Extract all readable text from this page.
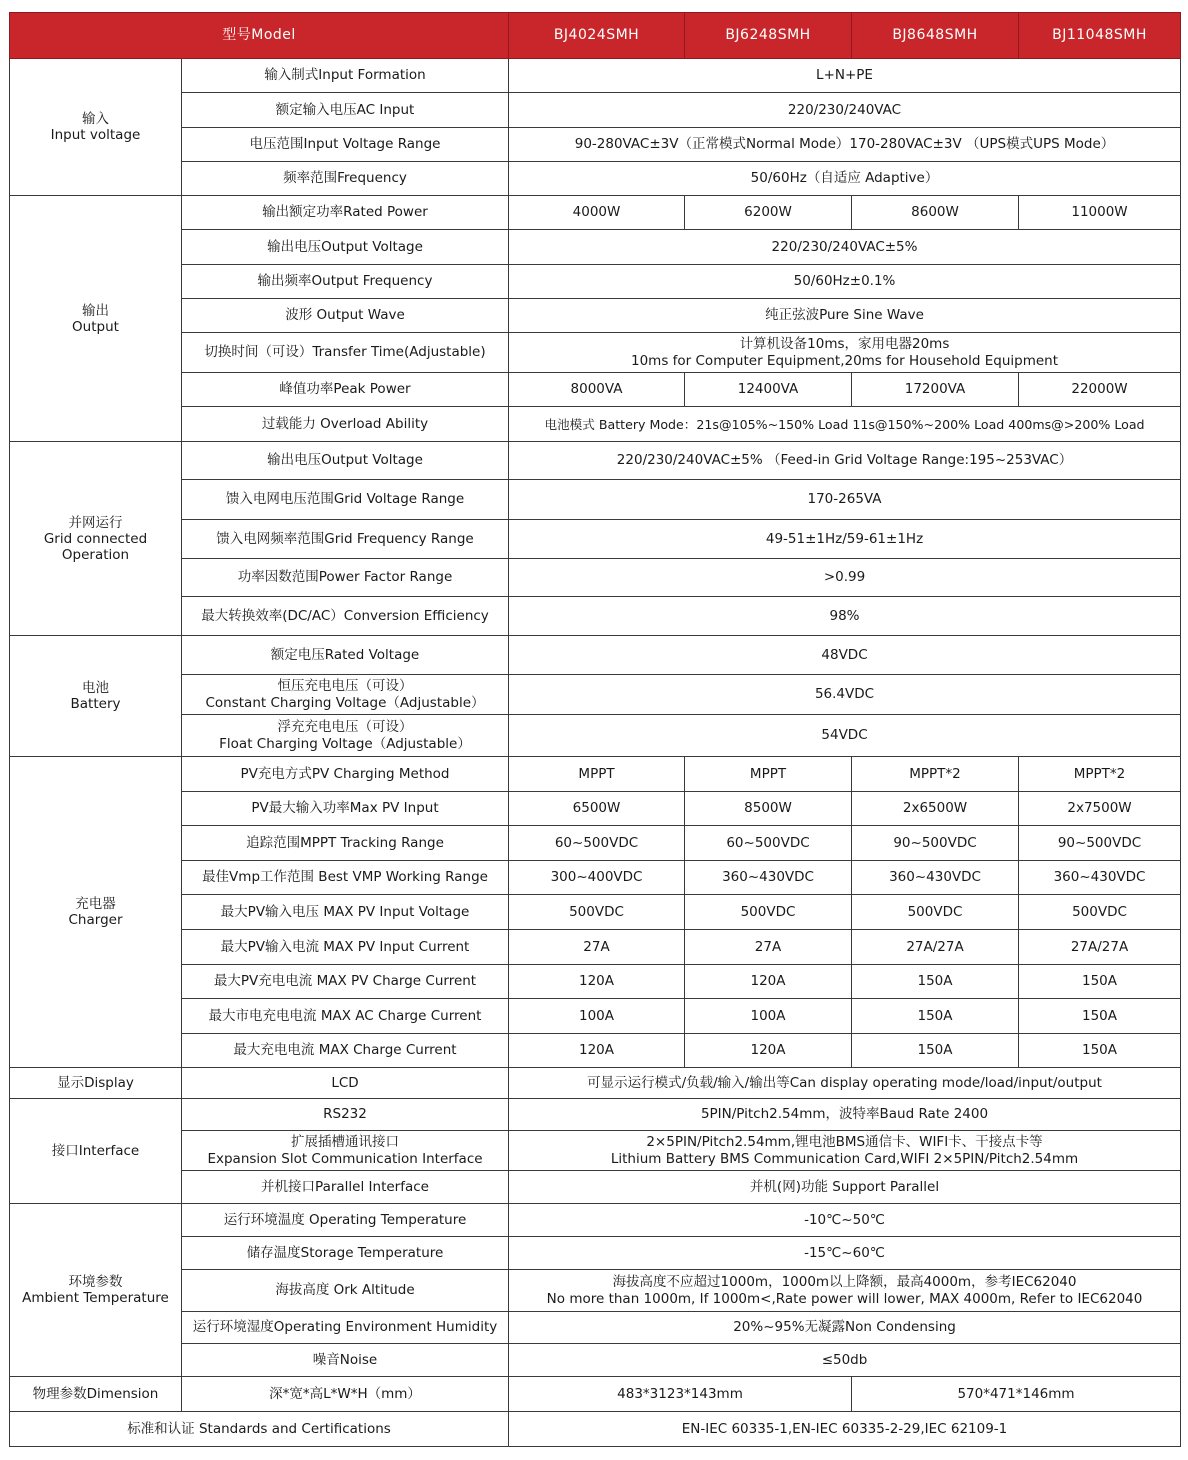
型号Model		BJ4024SMH	BJ6248SMH	BJ8648SMH	BJ11048SMH

输入
Input voltage	输入制式Input Formation	L+N+PE			

	额定输入电压AC Input	220/230/240VAC			

	电压范围Input Voltage Range	90-280VAC±3V（正常模式Normal Mode）170-280VAC±3V （UPS模式UPS Mode）			

	频率范围Frequency	50/60Hz（自适应 Adaptive）			

输出
Output	输出额定功率Rated Power	4000W	6200W	8600W	11000W

	输出电压Output Voltage	220/230/240VAC±5%			

	输出频率Output Frequency	50/60Hz±0.1%			

	波形 Output Wave	纯正弦波Pure Sine Wave			

	切换时间（可设）Transfer Time(Adjustable)	计算机设备10ms，家用电器20ms
10ms for Computer Equipment,20ms for Household Equipment			

	峰值功率Peak Power	8000VA	12400VA	17200VA	22000W

	过载能力 Overload Ability	电池模式 Battery Mode：21s@105%~150% Load 11s@150%~200% Load 400ms@>200% Load			

并网运行
Grid connected
Operation	输出电压Output Voltage	220/230/240VAC±5% （Feed-in Grid Voltage Range:195~253VAC）			

	馈入电网电压范围Grid Voltage Range	170-265VA			

	馈入电网频率范围Grid Frequency Range	49-51±1Hz/59-61±1Hz			

	功率因数范围Power Factor Range	>0.99			

	最大转换效率(DC/AC）Conversion Efficiency	98%			

电池
Battery	额定电压Rated Voltage	48VDC			

	恒压充电电压（可设）
Constant Charging Voltage（Adjustable）	56.4VDC			

	浮充充电电压（可设）
Float Charging Voltage（Adjustable）	54VDC			

充电器
Charger	PV充电方式PV Charging Method	MPPT	MPPT	MPPT*2	MPPT*2

	PV最大输入功率Max PV Input	6500W	8500W	2x6500W	2x7500W

	追踪范围MPPT Tracking Range	60~500VDC	60~500VDC	90~500VDC	90~500VDC

	最佳Vmp工作范围 Best VMP Working Range	300~400VDC	360~430VDC	360~430VDC	360~430VDC

	最大PV输入电压 MAX PV Input Voltage	500VDC	500VDC	500VDC	500VDC

	最大PV输入电流 MAX PV Input Current	27A	27A	27A/27A	27A/27A

	最大PV充电电流 MAX PV Charge Current	120A	120A	150A	150A

	最大市电充电电流 MAX AC Charge Current	100A	100A	150A	150A

	最大充电电流 MAX Charge Current	120A	120A	150A	150A

显示Display	LCD	可显示运行模式/负载/输入/输出等Can display operating mode/load/input/output			

接口Interface	RS232	5PIN/Pitch2.54mm，波特率Baud Rate 2400			

	扩展插槽通讯接口
Expansion Slot Communication Interface	2×5PIN/Pitch2.54mm,锂电池BMS通信卡、WIFI卡、干接点卡等
Lithium Battery BMS Communication Card,WIFI 2×5PIN/Pitch2.54mm			

	并机接口Parallel Interface	并机(网)功能 Support Parallel			

环境参数
Ambient Temperature	运行环境温度 Operating Temperature	-10℃~50℃			

	储存温度Storage Temperature	-15℃~60℃			

	海拔高度 Ork Altitude	海拔高度不应超过1000m，1000m以上降额，最高4000m，参考IEC62040
No more than 1000m, If 1000m<,Rate power will lower, MAX 4000m, Refer to IEC62040			

	运行环境湿度Operating Environment Humidity	20%~95%无凝露Non Condensing			

	噪音Noise	≤50db			

物理参数Dimension	深*宽*高L*W*H（mm）	483*3123*143mm		570*471*146mm	
标准和认证 Standards and Certifications		EN-IEC 60335-1,EN-IEC 60335-2-29,IEC 62109-1			
